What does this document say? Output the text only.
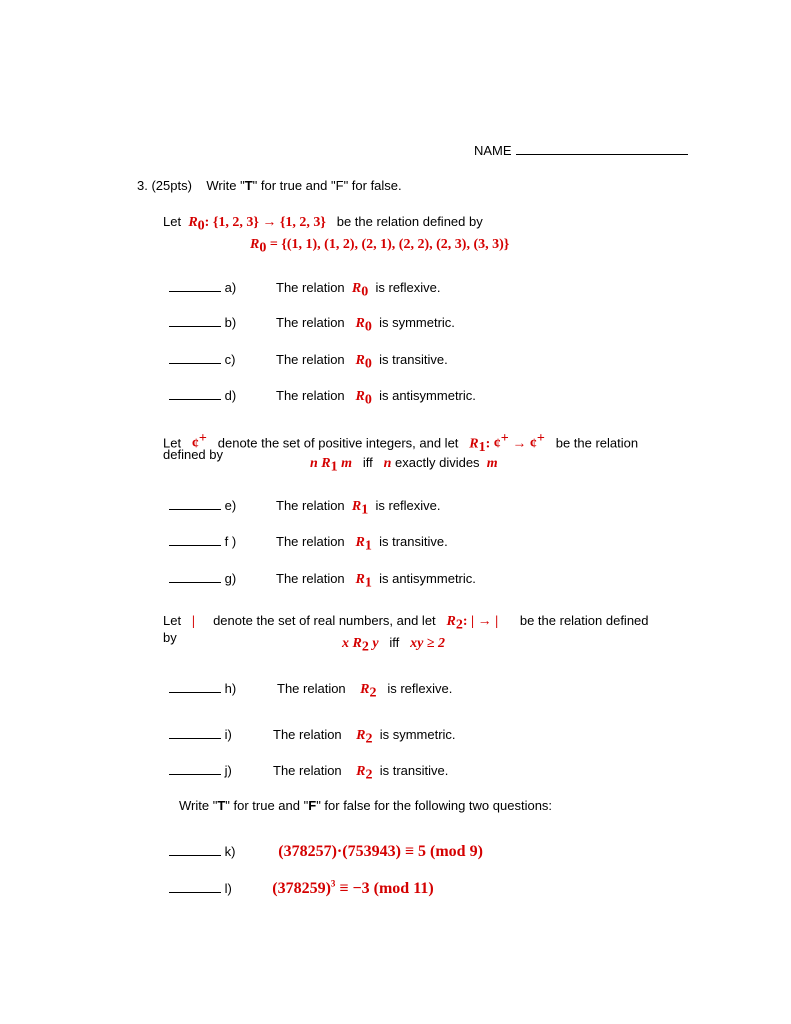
NAME
3. (25pts) Write "T" for true and "F" for false.
Let $R_0$: {1, 2, 3} → {1, 2, 3} be the relation defined by
$R_0 = \{(1$, 1), (1, 2), (2, 1), (2, 2), (2, 3), (3, 3)}
a)	The relation $R_0$ is reflexive.
b)	The relation $R_0$ is symmetric.
c)	The relation $R_0$ is transitive.
d)	The relation $R_0$ is antisymmetric.
Let ¢+ denote the set of positive integers, and let $R_1$: ¢+ → ¢+ be the relation
defined by
n $R_1$ m iff n exactly divides m
e)	The relation $R_1$ is reflexive.
f )	The relation $R_1$ is transitive.
g)	The relation $R_1$ is antisymmetric.
Let | denote the set of real numbers, and let $R_2$: | → | be the relation defined
by	x $R_2$ y iff xy ≥ 2
h)	The relation $R_2$ is reflexive.
i)	The relation $R_2$ is symmetric.
j)	The relation $R_2$ is transitive.
Write "T" for true and "F" for false for the following two questions:
k)	(378257)·(753943) ≡ 5 (mod 9)
l)	$(378259)^3 \equiv -3$ (mod 11)
